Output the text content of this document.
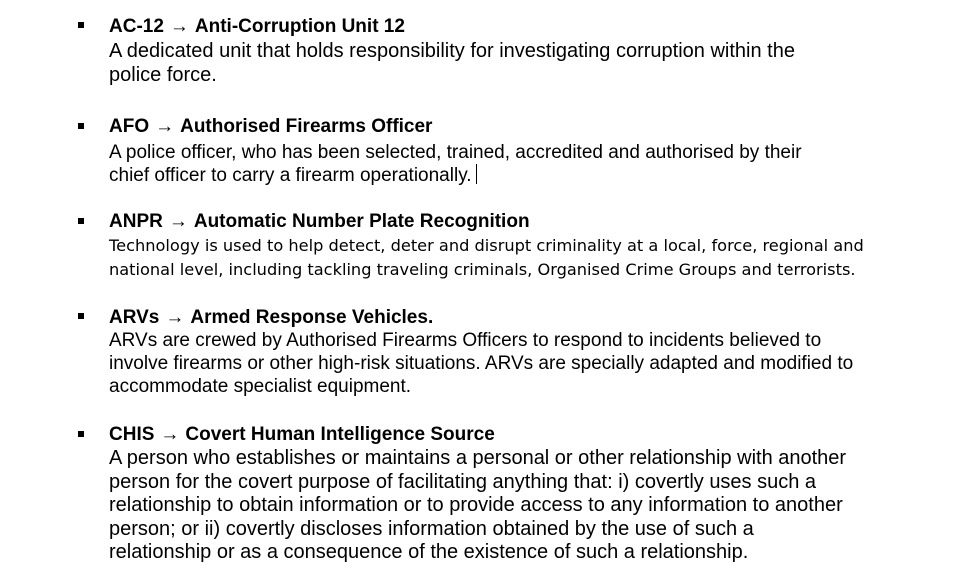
AC-12 → Anti-Corruption Unit 12
A dedicated unit that holds responsibility for investigating corruption within the
police force.
AFO → Authorised Firearms Officer
A police officer, who has been selected, trained, accredited and authorised by their
chief officer to carry a firearm operationally.
ANPR → Automatic Number Plate Recognition
Technology is used to help detect, deter and disrupt criminality at a local, force, regional and
national level, including tackling traveling criminals, Organised Crime Groups and terrorists.
ARVs → Armed Response Vehicles.
ARVs are crewed by Authorised Firearms Officers to respond to incidents believed to
involve firearms or other high-risk situations. ARVs are specially adapted and modified to
accommodate specialist equipment.
CHIS → Covert Human Intelligence Source
A person who establishes or maintains a personal or other relationship with another
person for the covert purpose of facilitating anything that: i) covertly uses such a
relationship to obtain information or to provide access to any information to another
person; or ii) covertly discloses information obtained by the use of such a
relationship or as a consequence of the existence of such a relationship.
